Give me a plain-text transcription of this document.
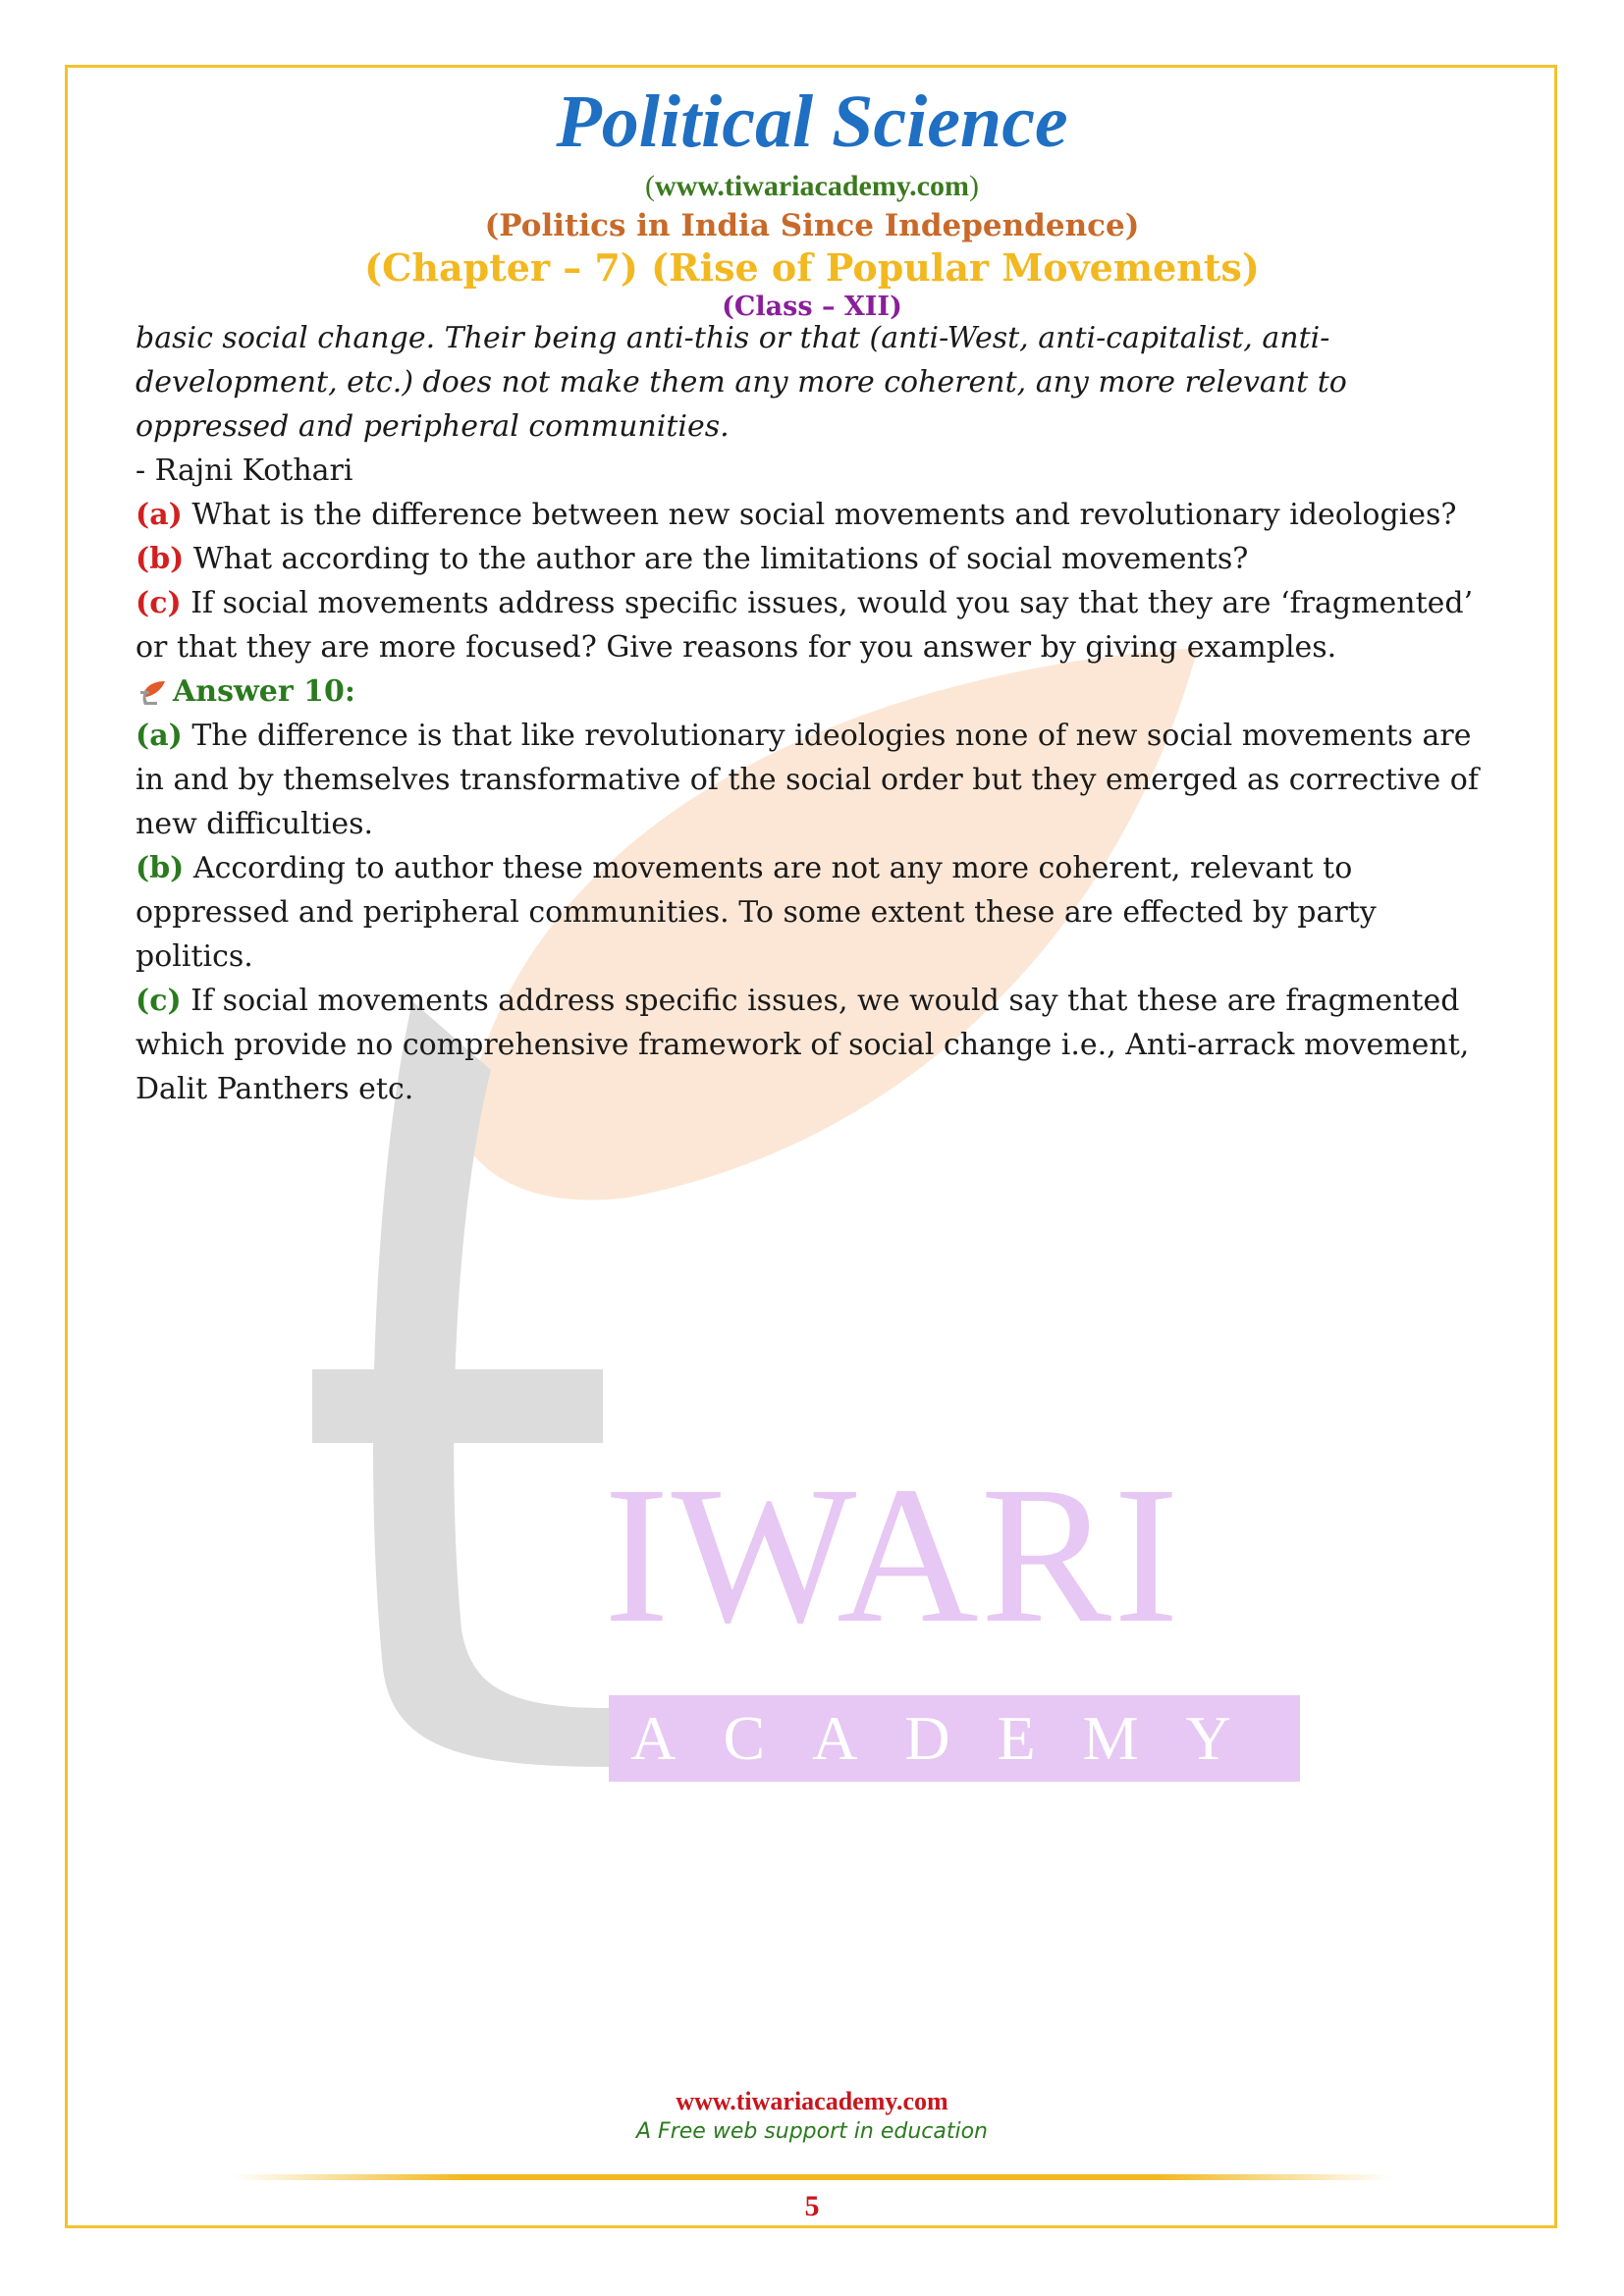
IWARI
ACADEMY
Political Science
(www.tiwariacademy.com)
(Politics in India Since Independence)
(Chapter – 7) (Rise of Popular Movements)
(Class – XII)

basic social change. Their being anti-this or that (anti-West, anti-capitalist, anti-development, etc.) does not make them any more coherent, any more relevant to oppressed and peripheral communities.

- Rajni Kothari

(a) What is the difference between new social movements and revolutionary ideologies?

(b) What according to the author are the limitations of social movements?

(c) If social movements address specific issues, would you say that they are ‘fragmented’ or that they are more focused? Give reasons for you answer by giving examples.

Answer 10:

(a) The difference is that like revolutionary ideologies none of new social movements are in and by themselves transformative of the social order but they emerged as corrective of new difficulties.

(b) According to author these movements are not any more coherent, relevant to oppressed and peripheral communities. To some extent these are effected by party politics.

(c) If social movements address specific issues, we would say that these are fragmented which provide no comprehensive framework of social change i.e., Anti-arrack movement, Dalit Panthers etc.

www.tiwariacademy.com
A Free web support in education
5
